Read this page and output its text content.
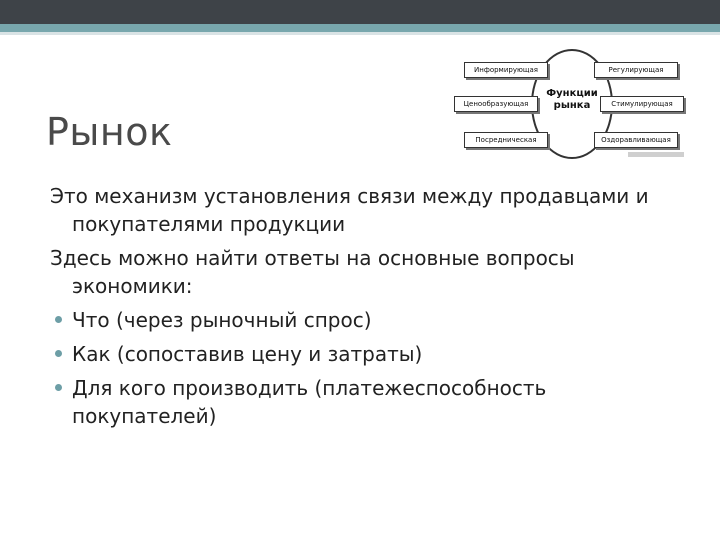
Информирующая	Регулирующая
Ценообразующая	Стимулирующая
Посредническая	Оздоравливающая
Функции рынка
Рынок

Это механизм установления связи между продавцами и покупателями продукции

Здесь можно найти ответы на основные вопросы экономики:

Что (через рыночный спрос)
Как (сопоставив цену и затраты)
Для кого производить (платежеспособность покупателей)
